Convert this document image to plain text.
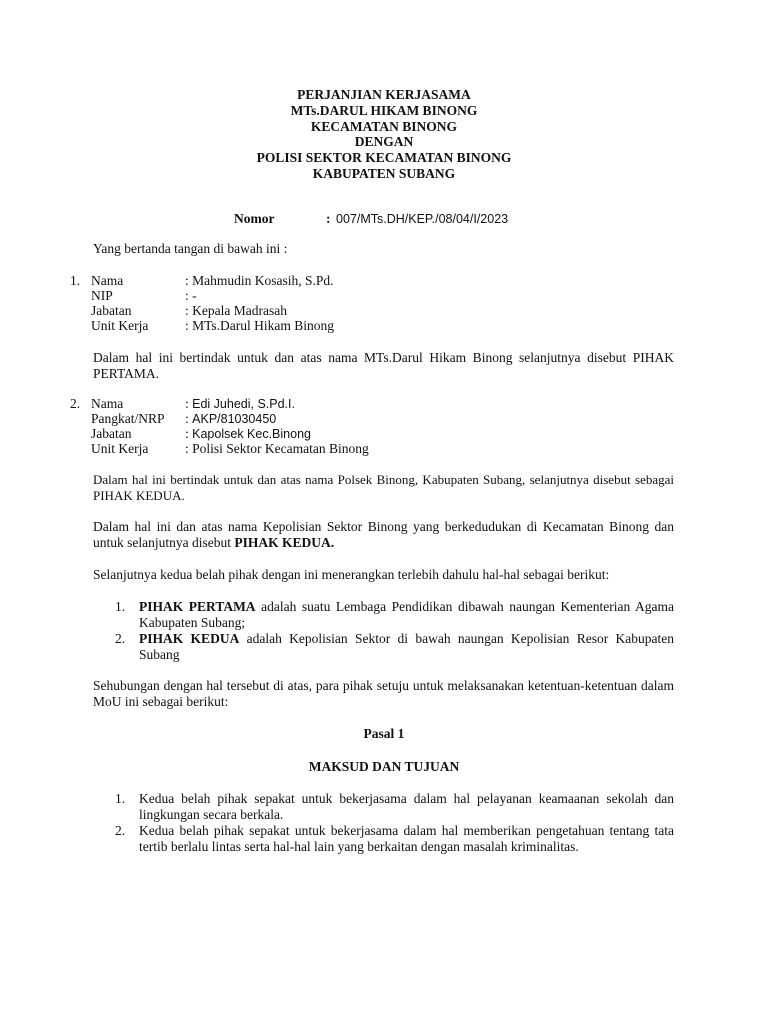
PERJANJIAN KERJASAMA
MTs.DARUL HIKAM BINONG
KECAMATAN BINONG
DENGAN
POLISI SEKTOR KECAMATAN BINONG
KABUPATEN SUBANG
Nomor	: 007/MTs.DH/KEP./08/04/I/2023
Yang bertanda tangan di bawah ini :
1. Nama	: Mahmudin Kosasih, S.Pd.
NIP	: -
Jabatan	: Kepala Madrasah
Unit Kerja	: MTs.Darul Hikam Binong
Dalam hal ini bertindak untuk dan atas nama MTs.Darul Hikam Binong selanjutnya disebut PIHAK PERTAMA.
2. Nama	: Edi Juhedi, S.Pd.I.
Pangkat/NRP : AKP/81030450
Jabatan	: Kapolsek Kec.Binong
Unit Kerja	: Polisi Sektor Kecamatan Binong
Dalam hal ini bertindak untuk dan atas nama Polsek Binong, Kabupaten Subang, selanjutnya disebut sebagai PIHAK KEDUA.
Dalam hal ini dan atas nama Kepolisian Sektor Binong yang berkedudukan di Kecamatan Binong dan untuk selanjutnya disebut PIHAK KEDUA.
Selanjutnya kedua belah pihak dengan ini menerangkan terlebih dahulu hal-hal sebagai berikut:
1. PIHAK PERTAMA adalah suatu Lembaga Pendidikan dibawah naungan Kementerian Agama Kabupaten Subang;
2. PIHAK KEDUA adalah Kepolisian Sektor di bawah naungan Kepolisian Resor Kabupaten Subang
Sehubungan dengan hal tersebut di atas, para pihak setuju untuk melaksanakan ketentuan-ketentuan dalam MoU ini sebagai berikut:
Pasal 1
MAKSUD DAN TUJUAN
1. Kedua belah pihak sepakat untuk bekerjasama dalam hal pelayanan keamaanan sekolah dan lingkungan secara berkala.
2. Kedua belah pihak sepakat untuk bekerjasama dalam hal memberikan pengetahuan tentang tata tertib berlalu lintas serta hal-hal lain yang berkaitan dengan masalah kriminalitas.
